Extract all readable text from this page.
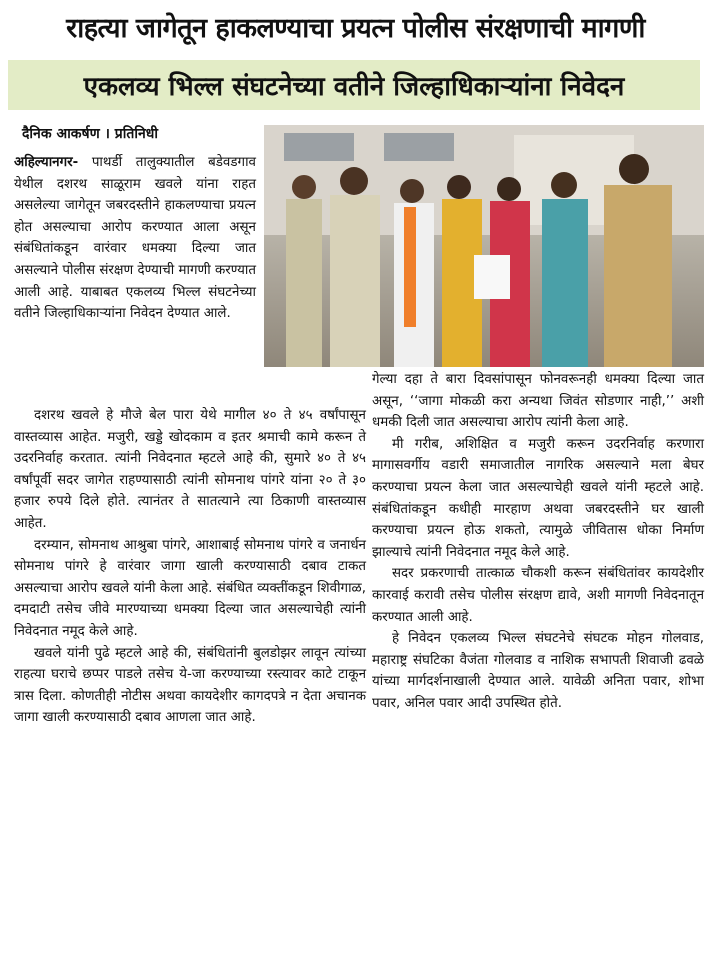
राहत्या जागेतून हाकलण्याचा प्रयत्न पोलीस संरक्षणाची मागणी
एकलव्य भिल्ल संघटनेच्या वतीने जिल्हाधिकाऱ्यांना निवेदन
दैनिक आकर्षण । प्रतिनिधी

अहिल्यानगर- पाथर्डी तालुक्यातील बडेवडगाव येथील दशरथ साळूराम खवले यांना राहत असलेल्या जागेतून जबरदस्तीने हाकलण्याचा प्रयत्न होत असल्याचा आरोप करण्यात आला असून संबंधितांकडून वारंवार धमक्या दिल्या जात असल्याने पोलीस संरक्षण देण्याची मागणी करण्यात आली आहे. याबाबत एकलव्य भिल्ल संघटनेच्या वतीने जिल्हाधिकाऱ्यांना निवेदन देण्यात आले.

दशरथ खवले हे मौजे बेल पारा येथे मागील ४० ते ४५ वर्षांपासून वास्तव्यास आहेत. मजुरी, खड्डे खोदकाम व इतर श्रमाची कामे करून ते उदरनिर्वाह करतात. त्यांनी निवेदनात म्हटले आहे की, सुमारे ४० ते ४५ वर्षांपूर्वी सदर जागेत राहण्यासाठी त्यांनी सोमनाथ पांगरे यांना २० ते ३० हजार रुपये दिले होते. त्यानंतर ते सातत्याने त्या ठिकाणी वास्तव्यास आहेत.

दरम्यान, सोमनाथ आश्रुबा पांगरे, आशाबाई सोमनाथ पांगरे व जनार्धन सोमनाथ पांगरे हे वारंवार जागा खाली करण्यासाठी दबाव टाकत असल्याचा आरोप खवले यांनी केला आहे. संबंधित व्यक्तींकडून शिवीगाळ, दमदाटी तसेच जीवे मारण्याच्या धमक्या दिल्या जात असल्याचेही त्यांनी निवेदनात नमूद केले आहे.

खवले यांनी पुढे म्हटले आहे की, संबंधितांनी बुलडोझर लावून त्यांच्या राहत्या घराचे छप्पर पाडले तसेच ये-जा करण्याच्या रस्त्यावर काटे टाकून त्रास दिला. कोणतीही नोटीस अथवा कायदेशीर कागदपत्रे न देता अचानक जागा खाली करण्यासाठी दबाव आणला जात आहे.

गेल्या दहा ते बारा दिवसांपासून फोनवरूनही धमक्या दिल्या जात असून, ‘‘जागा मोकळी करा अन्यथा जिवंत सोडणार नाही,’’ अशी धमकी दिली जात असल्याचा आरोप त्यांनी केला आहे.

मी गरीब, अशिक्षित व मजुरी करून उदरनिर्वाह करणारा मागासवर्गीय वडारी समाजातील नागरिक असल्याने मला बेघर करण्याचा प्रयत्न केला जात असल्याचेही खवले यांनी म्हटले आहे. संबंधितांकडून कधीही मारहाण अथवा जबरदस्तीने घर खाली करण्याचा प्रयत्न होऊ शकतो, त्यामुळे जीवितास धोका निर्माण झाल्याचे त्यांनी निवेदनात नमूद केले आहे.

सदर प्रकरणाची तात्काळ चौकशी करून संबंधितांवर कायदेशीर कारवाई करावी तसेच पोलीस संरक्षण द्यावे, अशी मागणी निवेदनातून करण्यात आली आहे.

हे निवेदन एकलव्य भिल्ल संघटनेचे संघटक मोहन गोलवाड, महाराष्ट्र संघटिका वैजंता गोलवाड व नाशिक सभापती शिवाजी ढवळे यांच्या मार्गदर्शनाखाली देण्यात आले. यावेळी अनिता पवार, शोभा पवार, अनिल पवार आदी उपस्थित होते.
